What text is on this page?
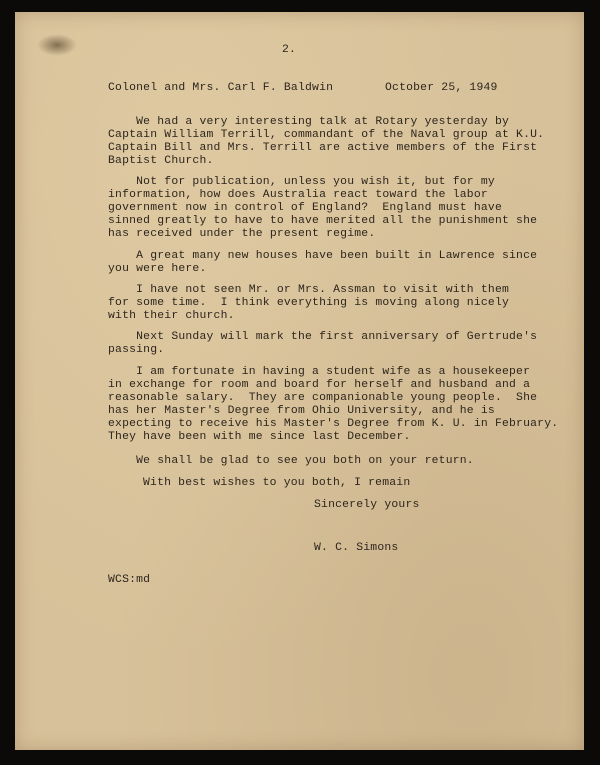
2.
Colonel and Mrs. Carl F. Baldwin	October 25, 1949
We had a very interesting talk at Rotary yesterday by
Captain William Terrill, commandant of the Naval group at K.U.
Captain Bill and Mrs. Terrill are active members of the First
Baptist Church.
Not for publication, unless you wish it, but for my
information, how does Australia react toward the labor
government now in control of England?  England must have
sinned greatly to have to have merited all the punishment she
has received under the present regime.
A great many new houses have been built in Lawrence since
you were here.
I have not seen Mr. or Mrs. Assman to visit with them
for some time.  I think everything is moving along nicely
with their church.
Next Sunday will mark the first anniversary of Gertrude's
passing.
I am fortunate in having a student wife as a housekeeper
in exchange for room and board for herself and husband and a
reasonable salary.  They are companionable young people.  She
has her Master's Degree from Ohio University, and he is
expecting to receive his Master's Degree from K. U. in February.
They have been with me since last December.
We shall be glad to see you both on your return.
With best wishes to you both, I remain
Sincerely yours
W. C. Simons
WCS:md
